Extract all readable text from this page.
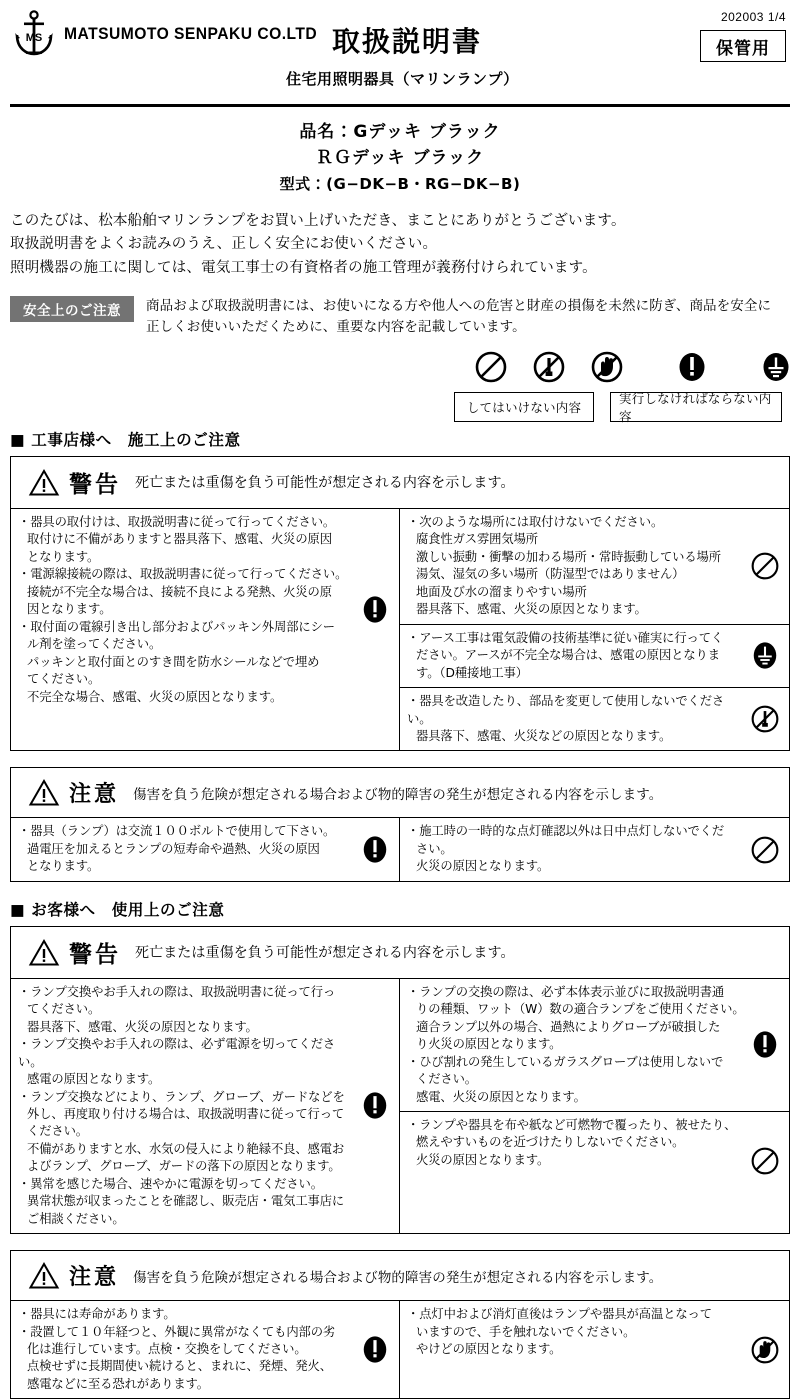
MS MATSUMOTO SENPAKU CO.LTD 取扱説明書
住宅用照明器具（マリンランプ）
202003 1/4
保管用
品名：Gデッキ ブラック
ＲＧデッキ ブラック
型式：(G−DK−B・RG−DK−B)
このたびは、松本船舶マリンランプをお買い上げいただき、まことにありがとうございます。
取扱説明書をよくお読みのうえ、正しく安全にお使いください。
照明機器の施工に関しては、電気工事士の有資格者の施工管理が義務付けられています。
安全上のご注意	商品および取扱説明書には、お使いになる方や他人への危害と財産の損傷を未然に防ぎ、商品を安全に
正しくお使いいただくために、重要な内容を記載しています。
してはいけない内容
実行しなければならない内容
■ 工事店様へ　施工上のご注意
警告 死亡または重傷を負う可能性が想定される内容を示します。

・器具の取付けは、取扱説明書に従って行ってください。

取付けに不備がありますと器具落下、感電、火災の原因

となります。

・電源線接続の際は、取扱説明書に従って行ってください。

接続が不完全な場合は、接続不良による発熱、火災の原

因となります。

・取付面の電線引き出し部分およびパッキン外周部にシー

ル剤を塗ってください。

パッキンと取付面とのすき間を防水シールなどで埋め

てください。

不完全な場合、感電、火災の原因となります。

・次のような場所には取付けないでください。

腐食性ガス雰囲気場所

激しい振動・衝撃の加わる場所・常時振動している場所

湯気、湿気の多い場所（防湿型ではありません）

地面及び水の溜まりやすい場所

器具落下、感電、火災の原因となります。

・アース工事は電気設備の技術基準に従い確実に行ってく

ださい。アースが不完全な場合は、感電の原因となりま

す。（D種接地工事）

・器具を改造したり、部品を変更して使用しないでください。

器具落下、感電、火災などの原因となります。

注意 傷害を負う危険が想定される場合および物的障害の発生が想定される内容を示します。

・器具（ランプ）は交流１００ボルトで使用して下さい。

過電圧を加えるとランプの短寿命や過熱、火災の原因

となります。

・施工時の一時的な点灯確認以外は日中点灯しないでくだ

さい。

火災の原因となります。

■ お客様へ　使用上のご注意
警告 死亡または重傷を負う可能性が想定される内容を示します。

・ランプ交換やお手入れの際は、取扱説明書に従って行っ

てください。

器具落下、感電、火災の原因となります。

・ランプ交換やお手入れの際は、必ず電源を切ってください。

感電の原因となります。

・ランプ交換などにより、ランプ、グローブ、ガードなどを

外し、再度取り付ける場合は、取扱説明書に従って行って

ください。

不備がありますと水、水気の侵入により絶縁不良、感電お

よびランプ、グローブ、ガードの落下の原因となります。

・異常を感じた場合、速やかに電源を切ってください。

異常状態が収まったことを確認し、販売店・電気工事店に

ご相談ください。

・ランプの交換の際は、必ず本体表示並びに取扱説明書通

りの種類、ワット（W）数の適合ランプをご使用ください。

適合ランプ以外の場合、過熱によりグローブが破損した

り火災の原因となります。

・ひび割れの発生しているガラスグローブは使用しないで

ください。

感電、火災の原因となります。

・ランプや器具を布や紙など可燃物で覆ったり、被せたり、

燃えやすいものを近づけたりしないでください。

火災の原因となります。

注意 傷害を負う危険が想定される場合および物的障害の発生が想定される内容を示します。

・器具には寿命があります。

・設置して１０年経つと、外観に異常がなくても内部の劣

化は進行しています。点検・交換をしてください。

点検せずに長期間使い続けると、まれに、発煙、発火、

感電などに至る恐れがあります。

・点灯中および消灯直後はランプや器具が高温となって

いますので、手を触れないでください。

やけどの原因となります。
